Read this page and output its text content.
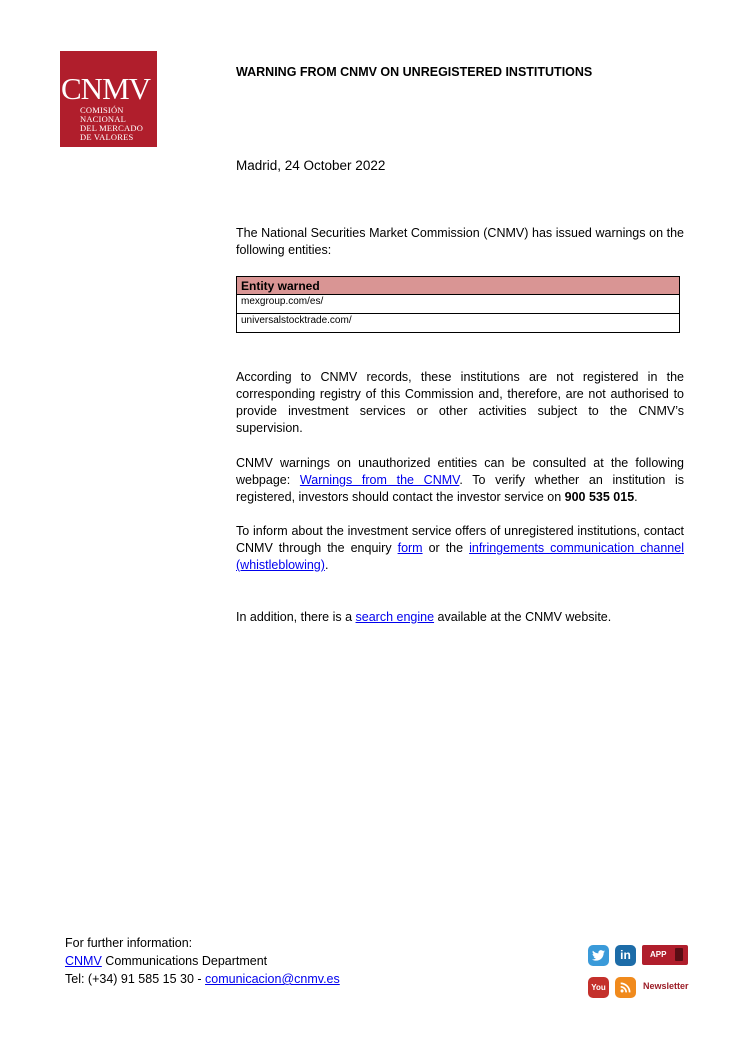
CNMV
COMISIÓN
NACIONAL
DEL MERCADO
DE VALORES
WARNING FROM CNMV ON UNREGISTERED INSTITUTIONS
Madrid, 24 October 2022
The National Securities Market Commission (CNMV) has issued warnings on the following entities:
Entity warned
mexgroup.com/es/
universalstocktrade.com/
According to CNMV records, these institutions are not registered in the corresponding registry of this Commission and, therefore, are not authorised to provide investment services or other activities subject to the CNMV’s supervision.
CNMV warnings on unauthorized entities can be consulted at the following webpage: Warnings from the CNMV. To verify whether an institution is registered, investors should contact the investor service on 900 535 015.
To inform about the investment service offers of unregistered institutions, contact CNMV through the enquiry form or the infringements communication channel (whistleblowing).
In addition, there is a search engine available at the CNMV website.
For further information:
CNMV Communications Department
Tel: (+34) 91 585 15 30 - comunicacion@cnmv.es
in	APP
You	Newsletter
